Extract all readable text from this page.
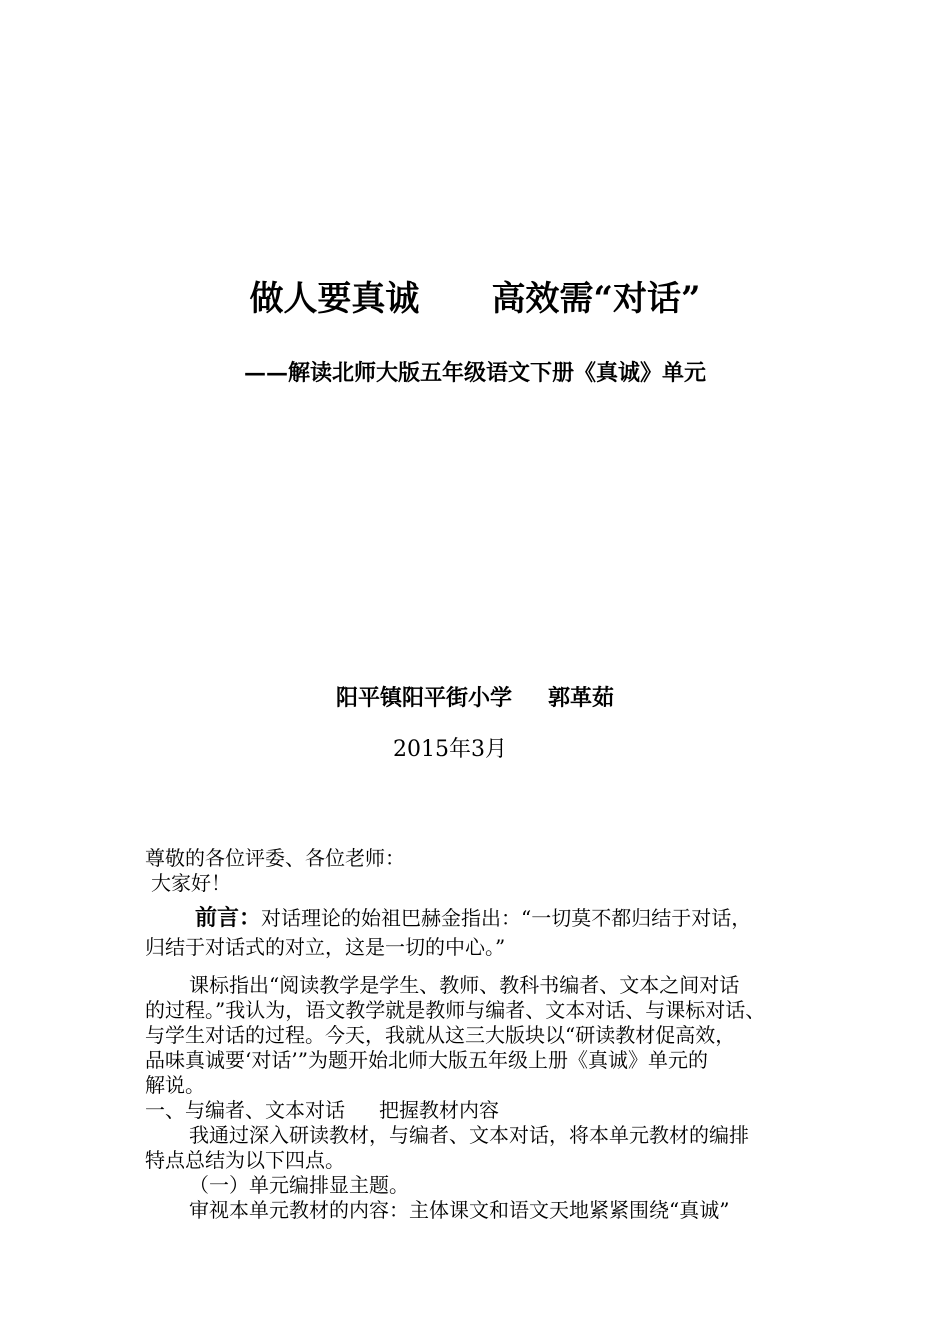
做人要真诚 高效需“对话”
——解读北师大版五年级语文下册《真诚》单元
阳平镇阳平街小学 郭革茹
2015年3月
尊敬的各位评委、各位老师：
大家好！
前言：对话理论的始祖巴赫金指出：“一切莫不都归结于对话，
归结于对话式的对立，这是一切的中心。”
课标指出“阅读教学是学生、教师、教科书编者、文本之间对话
的过程。”我认为，语文教学就是教师与编者、文本对话、与课标对话、
与学生对话的过程。今天，我就从这三大版块以“研读教材促高效，
品味真诚要‘对话’”为题开始北师大版五年级上册《真诚》单元的
解说。
一、与编者、文本对话 把握教材内容
我通过深入研读教材，与编者、文本对话，将本单元教材的编排
特点总结为以下四点。
（一）单元编排显主题。
审视本单元教材的内容：主体课文和语文天地紧紧围绕“真诚”
